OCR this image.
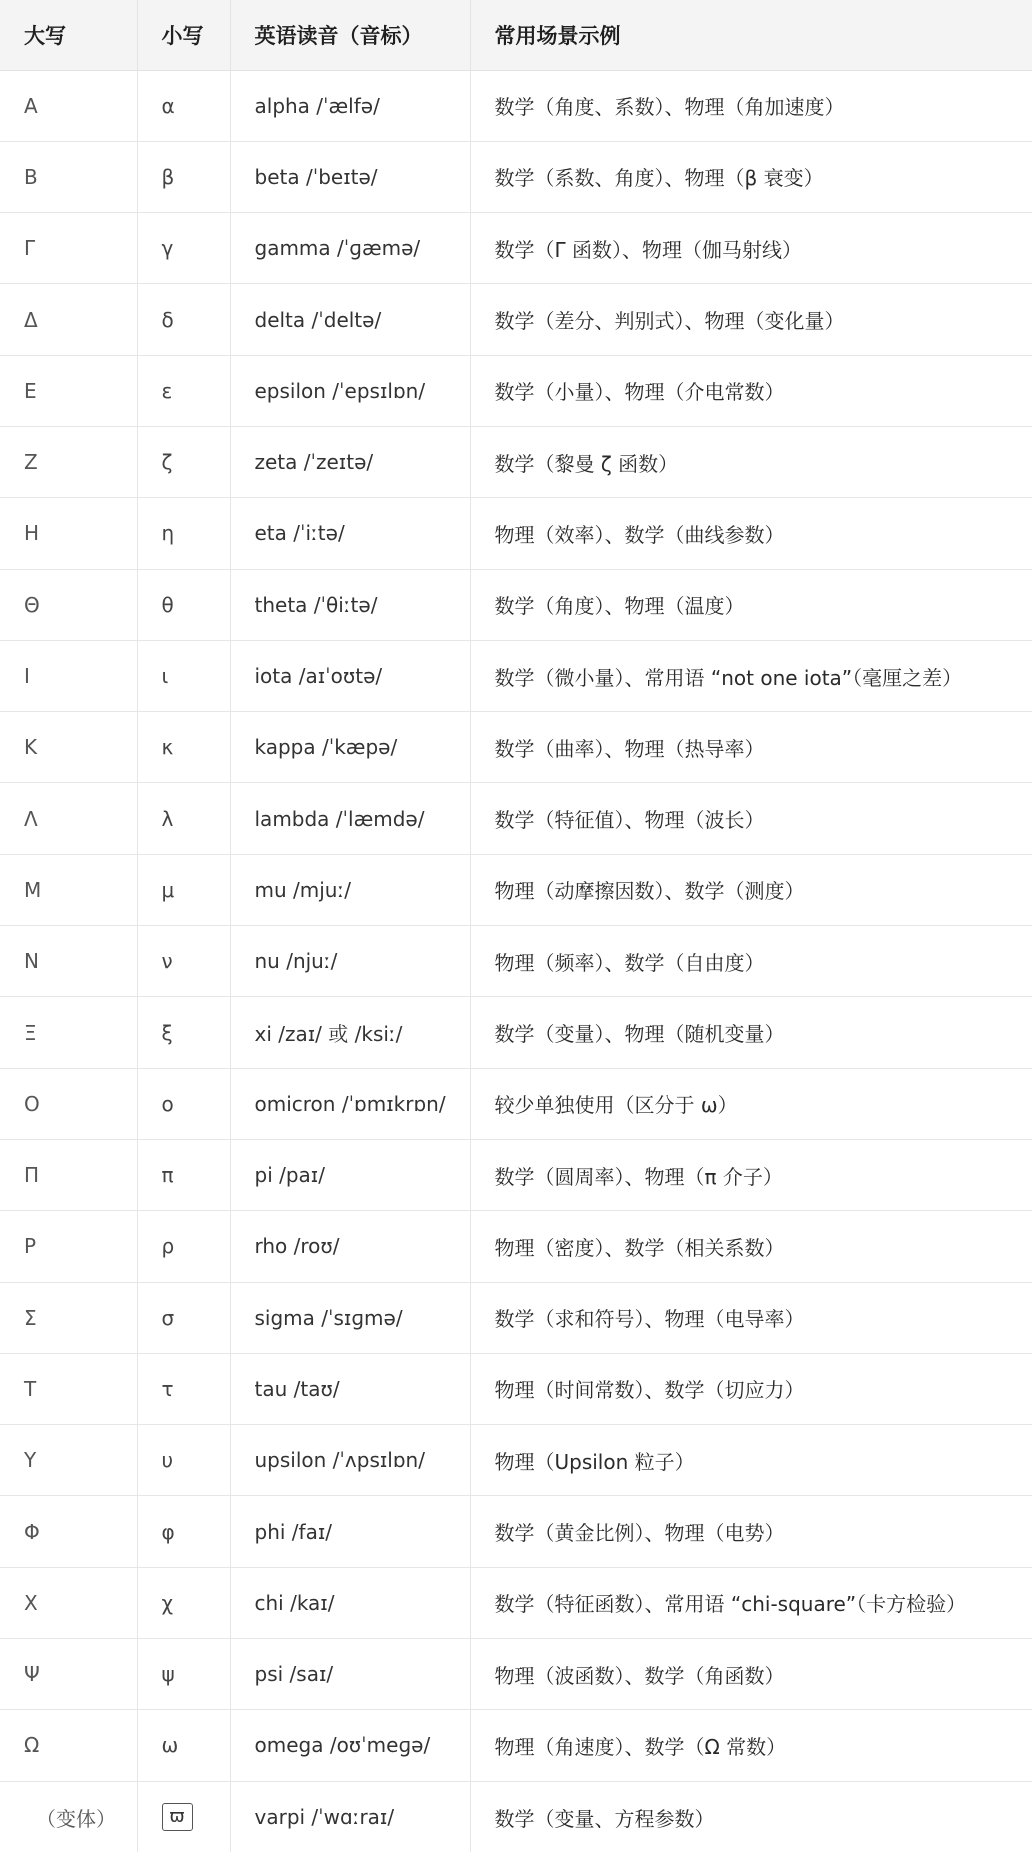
大写	小写	英语读音（音标）	常用场景示例
A	α	alpha /ˈælfə/	数学（角度、系数）、物理（角加速度）
B	β	beta /ˈbeɪtə/	数学（系数、角度）、物理（β 衰变）
Γ	γ	gamma /ˈɡæmə/	数学（Γ 函数）、物理（伽马射线）
Δ	δ	delta /ˈdeltə/	数学（差分、判别式）、物理（变化量）
E	ε	epsilon /ˈepsɪlɒn/	数学（小量）、物理（介电常数）
Z	ζ	zeta /ˈzeɪtə/	数学（黎曼 ζ 函数）
H	η	eta /ˈiːtə/	物理（效率）、数学（曲线参数）
Θ	θ	theta /ˈθiːtə/	数学（角度）、物理（温度）
I	ι	iota /aɪˈoʊtə/	数学（微小量）、常用语 “not one iota”（毫厘之差）
K	κ	kappa /ˈkæpə/	数学（曲率）、物理（热导率）
Λ	λ	lambda /ˈlæmdə/	数学（特征值）、物理（波长）
M	μ	mu /mjuː/	物理（动摩擦因数）、数学（测度）
N	ν	nu /njuː/	物理（频率）、数学（自由度）
Ξ	ξ	xi /zaɪ/ 或 /ksiː/	数学（变量）、物理（随机变量）
O	ο	omicron /ˈɒmɪkrɒn/	较少单独使用（区分于 ω）
Π	π	pi /paɪ/	数学（圆周率）、物理（π 介子）
P	ρ	rho /roʊ/	物理（密度）、数学（相关系数）
Σ	σ	sigma /ˈsɪɡmə/	数学（求和符号）、物理（电导率）
T	τ	tau /taʊ/	物理（时间常数）、数学（切应力）
Y	υ	upsilon /ˈʌpsɪlɒn/	物理（Upsilon 粒子）
Φ	φ	phi /faɪ/	数学（黄金比例）、物理（电势）
X	χ	chi /kaɪ/	数学（特征函数）、常用语 “chi-square”（卡方检验）
Ψ	ψ	psi /saɪ/	物理（波函数）、数学（角函数）
Ω	ω	omega /oʊˈmeɡə/	物理（角速度）、数学（Ω 常数）
（变体）	ϖ	varpi /ˈwɑːraɪ/	数学（变量、方程参数）
